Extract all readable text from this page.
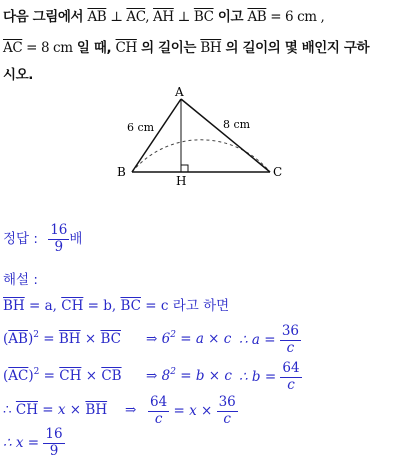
다음 그림에서 $\overline{AB}$ ⊥ $\overline{AC}$, $\overline{AH}$ ⊥ $\overline{BC}$ 이고 $\overline{AB} = 6$ cm ,
$\overline{AC} = 8$ cm 일 때, $\overline{CH}$ 의 길이는 $\overline{BH}$ 의 길이의 몇 배인지 구하
시오.
A
B	C
H
6 cm	8 cm
정답 : $\frac{16}{9}$ 배
해설 :
$\overline{BH} = a$, $\overline{CH} = b$, $\overline{BC} = c$ 라고 하면
$(\overline{AB})^2 = \overline{BH} \times \overline{BC}$ ⇒ $6^2 = a \times c$ ∴ $a = \frac{36}{c}$
$(\overline{AC})^2 = \overline{CH} \times \overline{CB}$ ⇒ $8^2 = b \times c$ ∴ $b = \frac{64}{c}$
∴ $\overline{CH} = x \times \overline{BH}$ ⇒ $\frac{64}{c} = x \times \frac{36}{c}$
∴ $x = \frac{16}{9}$
